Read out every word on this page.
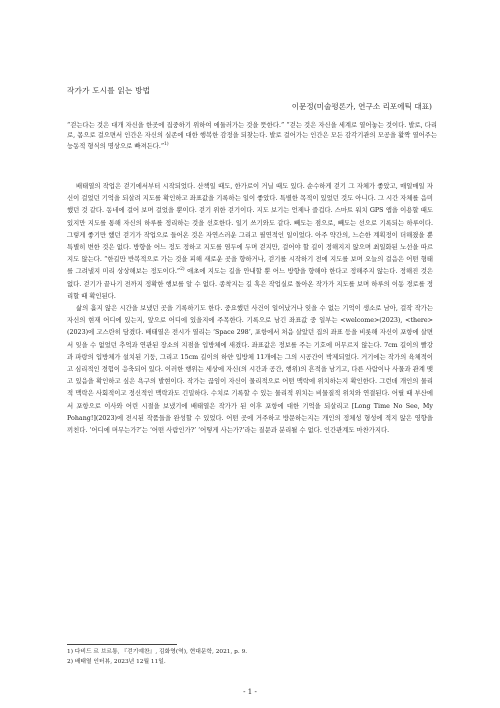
작가가 도시를 읽는 방법
이문정(미술평론가, 연구소 리포에틱 대표)

“걷는다는 것은 대개 자신을 한곳에 집중하기 위하여 에둘러가는 것을 뜻한다.” “걷는 것은 자신을 세계로 열어놓는 것이다. 발로, 다리로, 몸으로 걸으면서 인간은 자신의 실존에 대한 행복한 감정을 되찾는다. 발로 걸어가는 인간은 모든 감각기관의 모공을 활짝 열어주는 능동적 형식의 명상으로 빠져든다.”$^{1)}$

배태열의 작업은 걷기에서부터 시작되었다. 산책일 때도, 한가로이 거닐 때도 있다. 순수하게 걷기 그 자체가 좋았고, 매일매일 자신이 걸었던 기억을 되살려 지도를 확인하고 좌표값을 기록하는 일이 좋았다. 특별한 목적이 있었던 것도 아니다. 그 시간 자체를 음미했던 것 같다. 동네에 걸어 보며 걸었을 뿐이다. 걷기 위한 걷기이다. 지도 보기는 언제나 즐겁다. 스마트 워치 GPS 앱을 이용할 때도 있지만 지도를 통해 자신의 하루를 정리하는 것을 선호한다. 일기 쓰기와도 같다. 빼도는 점으로, 빼도는 선으로 기록되는 하루이다. 그렇게 좋기만 했던 걷기가 작업으로 들어온 것은 자연스러운 그리고 필연적인 일이었다. 아주 약간의, 느슨한 계획정이 더해졌을 뿐 특별히 변한 것은 없다. 방향을 어느 정도 정하고 지도를 염두에 두며 걷지만, 걸어야 할 길이 정해지지 않으며 최일화된 노선을 따르지도 않는다. “한길만 반복적으로 가는 것을 피해 새로운 곳을 향하거나, 걷기를 시작하기 전에 지도를 보며 오늘의 걸음은 어떤 형태를 그려낼지 미리 상상해보는 정도이다.”$^{2)}$ 애초에 지도는 길을 안내할 뿐 어느 방향을 향해야 한다고 정해주지 않는다. 정해진 것은 없다. 걷기가 끝나기 전까지 정확한 행보를 알 수 없다. 종착지는 길 혹은 작업실로 돌아온 작가가 지도를 보며 하루의 이동 경로를 정리할 때 확인된다.

삶의 흘지 않은 시간을 보냈던 곳을 기록하기도 한다. 중요했던 사건이 일어났거나 잊을 수 없는 기억이 생소로 남아, 걸작 작가는 자신의 현재 어디에 있는지, 앞으로 어디에 있을지에 주목한다. 기록으로 남긴 좌표값 중 일부는 <welcome>(2023), <there>(2023)에 고스란히 담겼다. 배태열은 전시가 열리는 ‘Space 298’, 포항에서 처음 살았던 집의 좌표 등을 비롯해 자신이 포항에 살면서 잊을 수 없었던 추억과 연관된 장소의 지점을 입방체에 새겼다. 좌표값은 정보를 주는 기호에 머무르지 않는다. 7cm 길이의 빨강과 파랑의 입방체가 설치된 기둥, 그리고 15cm 길이의 하얀 입방체 11개에는 그의 시공간이 박제되었다. 거기에는 작가의 육체적이고 심리적인 경험이 응축되어 있다. 이러한 행위는 세상에 자신(의 시간과 공간, 행위)의 흔적을 남기고, 다른 사람이나 사물과 관계 맺고 있음을 확인하고 싶은 욕구의 발현이다. 작가는 끊임이 자신이 물리적으로 어떤 맥락에 위치하는지 확인한다. 그런데 개인의 물리적 맥락은 사회적이고 정신적인 맥락과도 긴밀하다. 수치로 기록할 수 있는 물리적 위치는 비물질적 위치와 연결된다. 어릴 때 부산에서 포항으로 이사와 어린 시절을 보냈기에 배태열은 작가가 된 이후 포항에 대한 기억을 되살리고 [Long Time No See, My Pohang!](2023)에 전시된 작품들을 완성할 수 있었다. 어떤 곳에 거주하고 방문하는지는 개인의 정체성 형성에 적지 않은 영향을 끼친다. ‘어디에 머무는가?’는 ‘어떤 사람인가?’ ‘어떻게 사는가?’라는 질문과 분리될 수 없다. 인간관계도 마찬가지다.

1) 다비드 르 브르통, 『걷기예찬』, 김화영(역), 현대문학, 2021, p. 9.

2) 배태열 인터뷰, 2023년 12월 11일.

- 1 -
